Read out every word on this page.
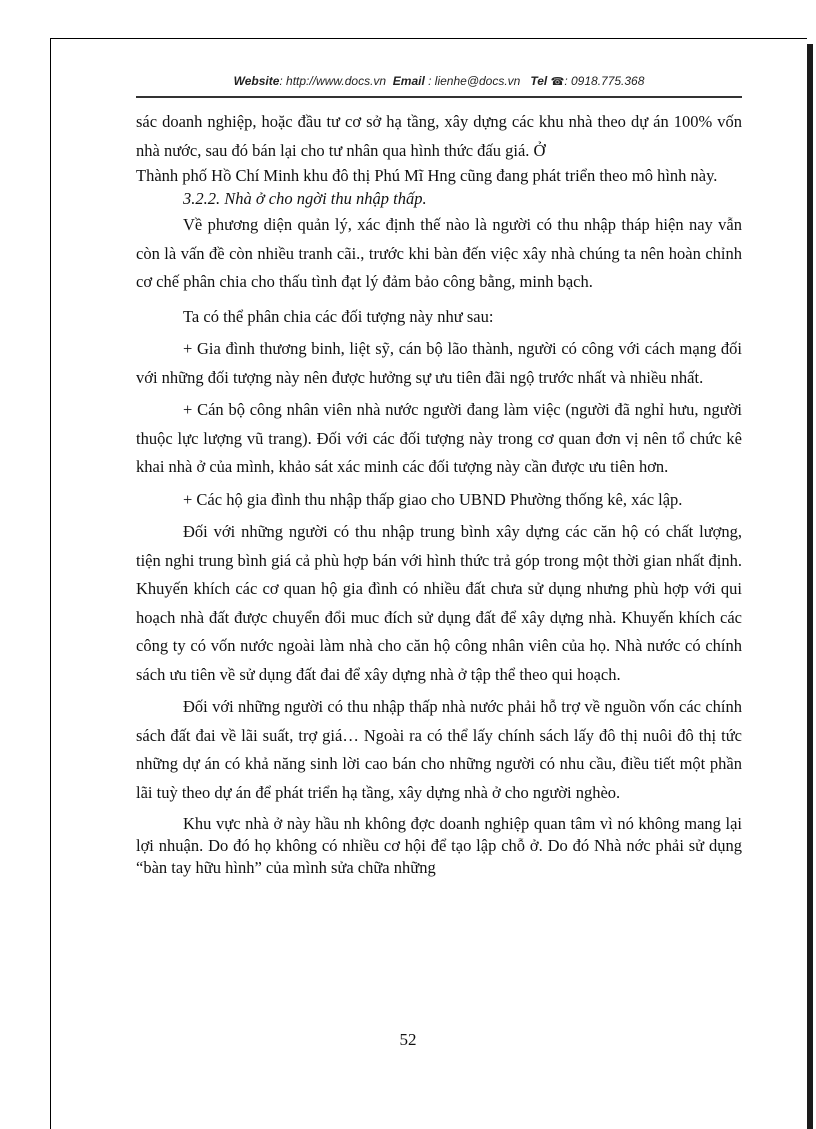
Website: http://www.docs.vn Email : lienhe@docs.vn Tel ☎: 0918.775.368

sác doanh nghiệp, hoặc đầu tư cơ sở hạ tầng, xây dựng các khu nhà theo dự án 100% vốn nhà nước, sau đó bán lại cho tư nhân qua hình thức đấu giá. Ở

Thành phố Hồ Chí Minh khu đô thị Phú Mĩ Hng cũng đang phát triển theo mô hình này.

3.2.2. Nhà ở cho ngời thu nhập thấp.

Về phương diện quản lý, xác định thế nào là người có thu nhập tháp hiện nay vẫn còn là vấn đề còn nhiều tranh cãi., trước khi bàn đến việc xây nhà chúng ta nên hoàn chỉnh cơ chế phân chia cho thấu tình đạt lý đảm bảo công bằng, minh bạch.

Ta có thể phân chia các đối tượng này như sau:

+ Gia đình thương binh, liệt sỹ, cán bộ lão thành, người có công với cách mạng đối với những đối tượng này nên được hưởng sự ưu tiên đãi ngộ trước nhất và nhiều nhất.

+ Cán bộ công nhân viên nhà nước người đang làm việc (người đã nghỉ hưu, người thuộc lực lượng vũ trang). Đối với các đối tượng này trong cơ quan đơn vị nên tổ chức kê khai nhà ở của mình, khảo sát xác minh các đối tượng này cần được ưu tiên hơn.

+ Các hộ gia đình thu nhập thấp giao cho UBND Phường thống kê, xác lập.

Đối với những người có thu nhập trung bình xây dựng các căn hộ có chất lượng, tiện nghi trung bình giá cả phù hợp bán với hình thức trả góp trong một thời gian nhất định. Khuyến khích các cơ quan hộ gia đình có nhiều đất chưa sử dụng nhưng phù hợp với qui hoạch nhà đất được chuyển đổi muc đích sử dụng đất để xây dựng nhà. Khuyến khích các công ty có vốn nước ngoài làm nhà cho căn hộ công nhân viên của họ. Nhà nước có chính sách ưu tiên về sử dụng đất đai để xây dựng nhà ở tập thể theo qui hoạch.

Đối với những người có thu nhập thấp nhà nước phải hỗ trợ về nguồn vốn các chính sách đất đai về lãi suất, trợ giá… Ngoài ra có thể lấy chính sách lấy đô thị nuôi đô thị tức những dự án có khả năng sinh lời cao bán cho những người có nhu cầu, điều tiết một phần lãi tuỳ theo dự án để phát triển hạ tầng, xây dựng nhà ở cho người nghèo.

Khu vực nhà ở này hầu nh không đợc doanh nghiệp quan tâm vì nó không mang lại lợi nhuận. Do đó họ không có nhiều cơ hội để tạo lập chỗ ở. Do đó Nhà nớc phải sử dụng “bàn tay hữu hình” của mình sửa chữa những

52
